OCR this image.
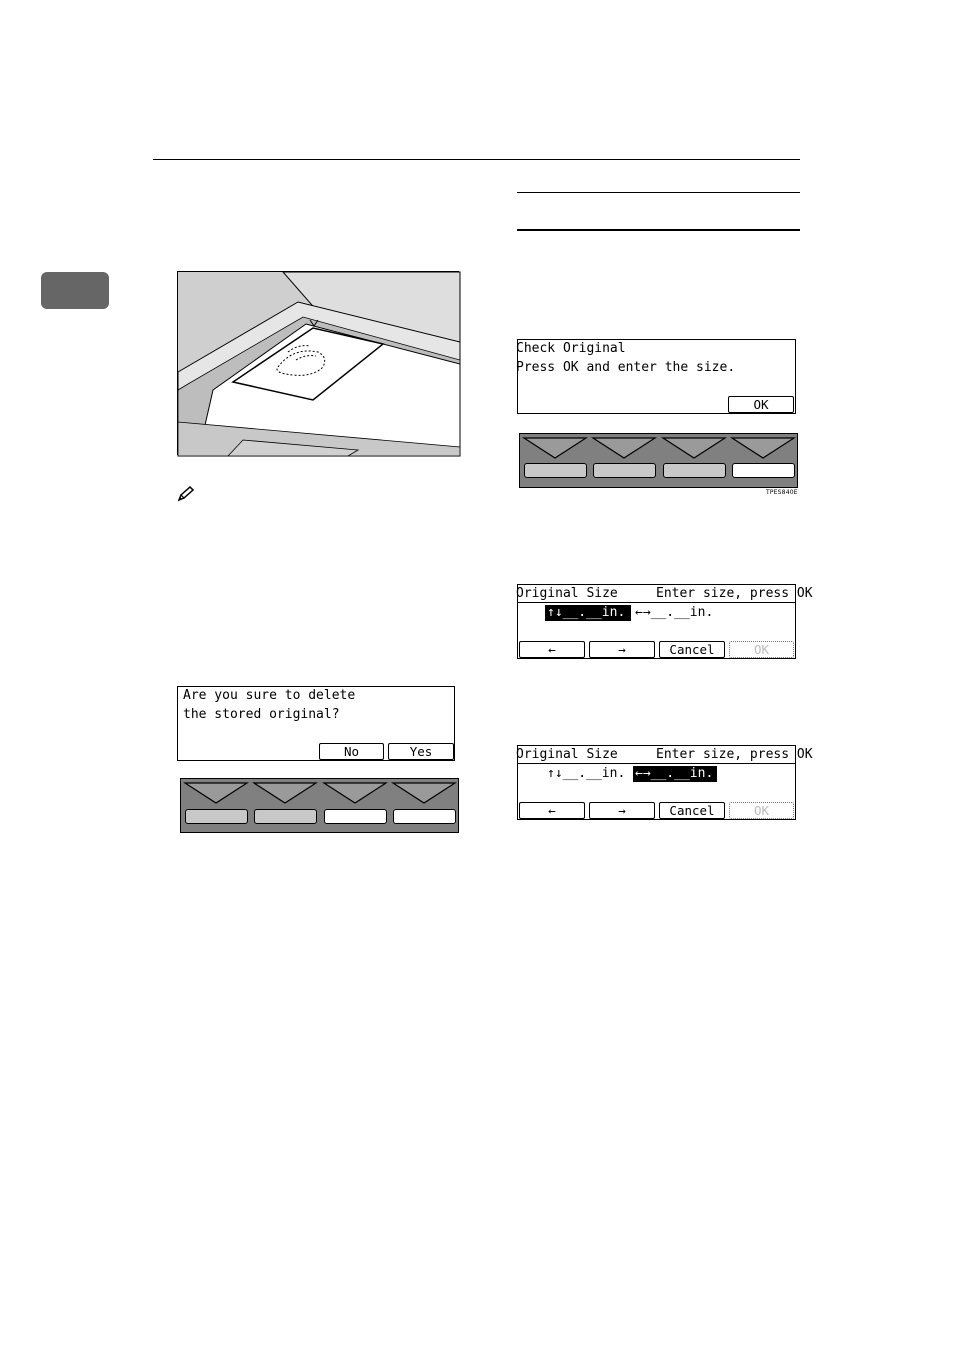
Check Original
Press OK and enter the size.
OK
TPES840E
Original Size	Enter size, press OK
↑↓__.__in. ←→__.__in.
←	→	Cancel	OK
Original Size	Enter size, press OK
↑↓__.__in. ←→__.__in.
←	→	Cancel	OK
Are you sure to delete
the stored original?
No	Yes
